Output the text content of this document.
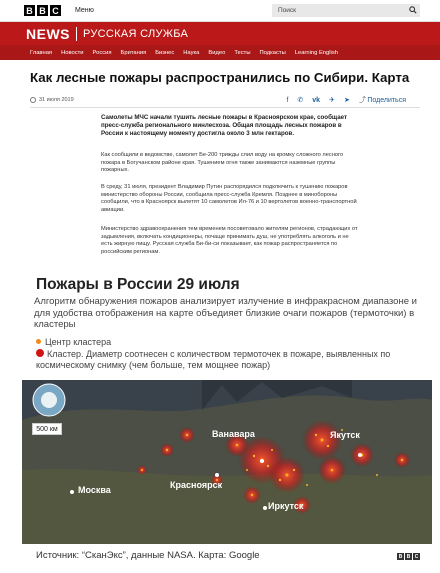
B B C	Меню	Поиск
NEWS РУССКАЯ СЛУЖБА
Главная Новости Россия Британия Бизнес Наука Видео Тесты Подкасты Learning English
Как лесные пожары распространились по Сибири. Карта
31 июля 2019	f ✆ vk ✈ ➤ ⤴ Поделиться

Самолеты МЧС начали тушить лесные пожары в Красноярском крае, сообщает пресс-служба регионального минлесхоза. Общая площадь лесных пожаров в России к настоящему моменту достигла около 3 млн гектаров.

Как сообщили в ведомстве, самолет Бе-200 трижды слил воду на кромку сложного лесного пожара в Богучанском районе края. Тушением огня также занимаются наземные группы пожарных.

В среду, 31 июля, президент Владимир Путин распорядился подключить к тушению пожаров министерство обороны России, сообщила пресс-служба Кремля. Позднее в минобороны сообщили, что в Красноярск вылетят 10 самолетов Ил-76 и 10 вертолетов военно-транспортной авиации.

Министерство здравоохранения тем временем посоветовало жителям регионов, страдающих от задымления, включать кондиционеры, почаще принимать душ, не употреблять алкоголь и не есть жирную пищу. Русская служба Би-би-си показывает, как пожар распространяется по российским регионам.

Пожары в России 29 июля
Алгоритм обнаружения пожаров анализирует излучение в инфракрасном диапазоне и для удобства отображения на карте объедияет близкие очаги пожаров (термоточки) в кластеры
Центр кластера
Кластер. Диаметр соотнесен с количеством термоточек в пожаре, выявленных по космическому снимку (чем больше, тем мощнее пожар)
500 км	Ванавара	Якутск
Москва	Красноярск
Иркутск
Источник: “СканЭкс”, данные NASA. Карта: Google	B B C
